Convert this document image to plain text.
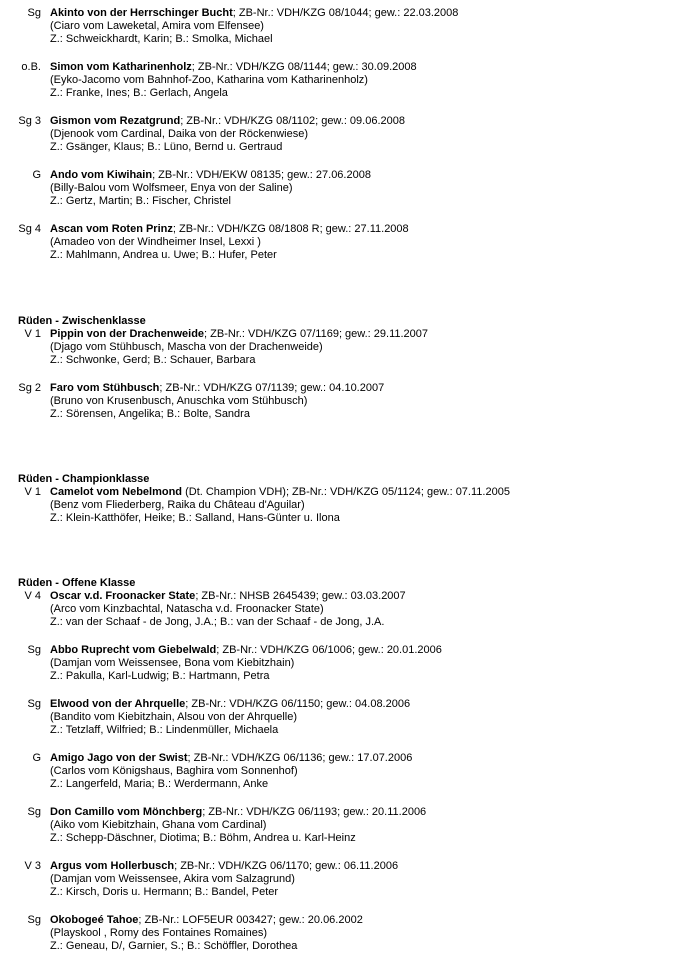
Sg Akinto von der Herrschinger Bucht; ZB-Nr.: VDH/KZG 08/1044; gew.: 22.03.2008
(Ciaro vom Laweketal, Amira vom Elfensee)
Z.: Schweickhardt, Karin; B.: Smolka, Michael
o.B. Simon vom Katharinenholz; ZB-Nr.: VDH/KZG 08/1144; gew.: 30.09.2008
(Eyko-Jacomo vom Bahnhof-Zoo, Katharina vom Katharinenholz)
Z.: Franke, Ines; B.: Gerlach, Angela
Sg 3 Gismon vom Rezatgrund; ZB-Nr.: VDH/KZG 08/1102; gew.: 09.06.2008
(Djenook vom Cardinal, Daika von der Röckenwiese)
Z.: Gsänger, Klaus; B.: Lüno, Bernd u. Gertraud
G Ando vom Kiwihain; ZB-Nr.: VDH/EKW 08135; gew.: 27.06.2008
(Billy-Balou vom Wolfsmeer, Enya von der Saline)
Z.: Gertz, Martin; B.: Fischer, Christel
Sg 4 Ascan vom Roten Prinz; ZB-Nr.: VDH/KZG 08/1808 R; gew.: 27.11.2008
(Amadeo von der Windheimer Insel, Lexxi )
Z.: Mahlmann, Andrea u. Uwe; B.: Hufer, Peter
Rüden - Zwischenklasse
V 1 Pippin von der Drachenweide; ZB-Nr.: VDH/KZG 07/1169; gew.: 29.11.2007
(Djago vom Stühbusch, Mascha von der Drachenweide)
Z.: Schwonke, Gerd; B.: Schauer, Barbara
Sg 2 Faro vom Stühbusch; ZB-Nr.: VDH/KZG 07/1139; gew.: 04.10.2007
(Bruno von Krusenbusch, Anuschka vom Stühbusch)
Z.: Sörensen, Angelika; B.: Bolte, Sandra
Rüden - Championklasse
V 1 Camelot vom Nebelmond (Dt. Champion VDH); ZB-Nr.: VDH/KZG 05/1124; gew.: 07.11.2005
(Benz vom Fliederberg, Raika du Château d'Aguilar)
Z.: Klein-Katthöfer, Heike; B.: Salland, Hans-Günter u. Ilona
Rüden - Offene Klasse
V 4 Oscar v.d. Froonacker State; ZB-Nr.: NHSB 2645439; gew.: 03.03.2007
(Arco vom Kinzbachtal, Natascha v.d. Froonacker State)
Z.: van der Schaaf - de Jong, J.A.; B.: van der Schaaf - de Jong, J.A.
Sg Abbo Ruprecht vom Giebelwald; ZB-Nr.: VDH/KZG 06/1006; gew.: 20.01.2006
(Damjan vom Weissensee, Bona vom Kiebitzhain)
Z.: Pakulla, Karl-Ludwig; B.: Hartmann, Petra
Sg Elwood von der Ahrquelle; ZB-Nr.: VDH/KZG 06/1150; gew.: 04.08.2006
(Bandito vom Kiebitzhain, Alsou von der Ahrquelle)
Z.: Tetzlaff, Wilfried; B.: Lindenmüller, Michaela
G Amigo Jago von der Swist; ZB-Nr.: VDH/KZG 06/1136; gew.: 17.07.2006
(Carlos vom Königshaus, Baghira vom Sonnenhof)
Z.: Langerfeld, Maria; B.: Werdermann, Anke
Sg Don Camillo vom Mönchberg; ZB-Nr.: VDH/KZG 06/1193; gew.: 20.11.2006
(Aiko vom Kiebitzhain, Ghana vom Cardinal)
Z.: Schepp-Däschner, Diotima; B.: Böhm, Andrea u. Karl-Heinz
V 3 Argus vom Hollerbusch; ZB-Nr.: VDH/KZG 06/1170; gew.: 06.11.2006
(Damjan vom Weissensee, Akira vom Salzagrund)
Z.: Kirsch, Doris u. Hermann; B.: Bandel, Peter
Sg Okobogeé Tahoe; ZB-Nr.: LOF5EUR 003427; gew.: 20.06.2002
(Playskool , Romy des Fontaines Romaines)
Z.: Geneau, D/, Garnier, S.; B.: Schöffler, Dorothea
